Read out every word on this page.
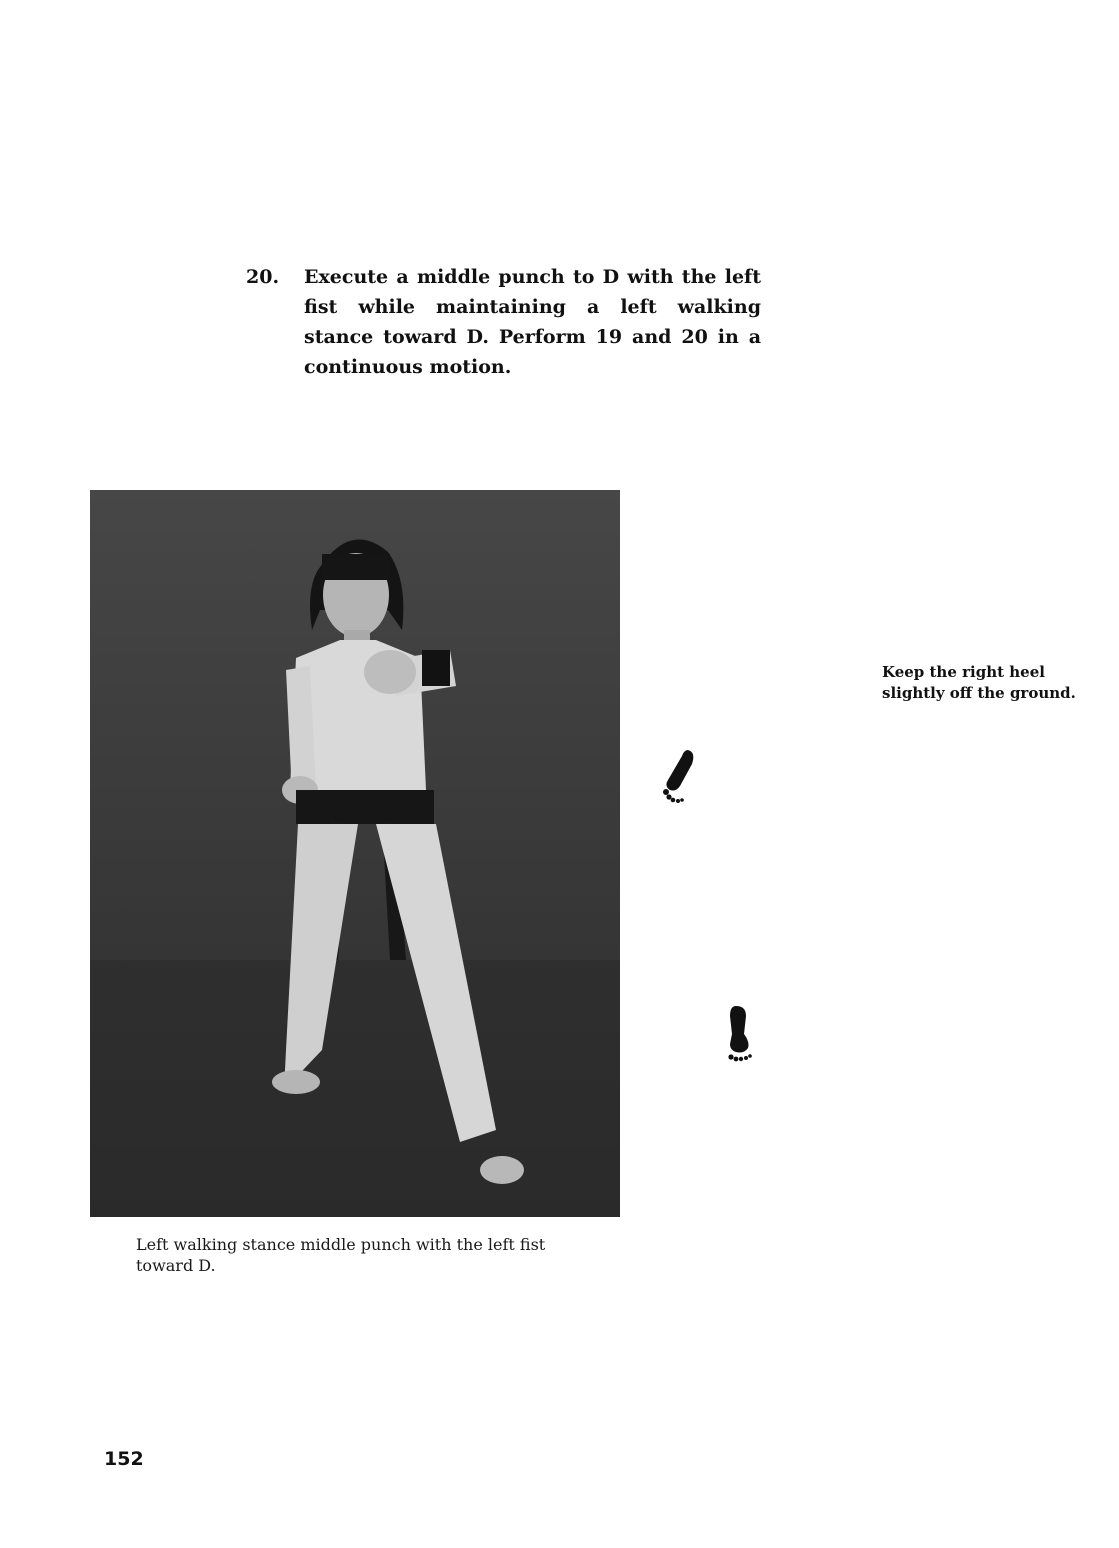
20.	Execute a middle punch to D with the left fist while maintaining a left walking stance toward D. Perform 19 and 20 in a continuous motion.
Left walking stance middle punch with the left fist toward D.
Keep the right heel slightly off the ground.
152
